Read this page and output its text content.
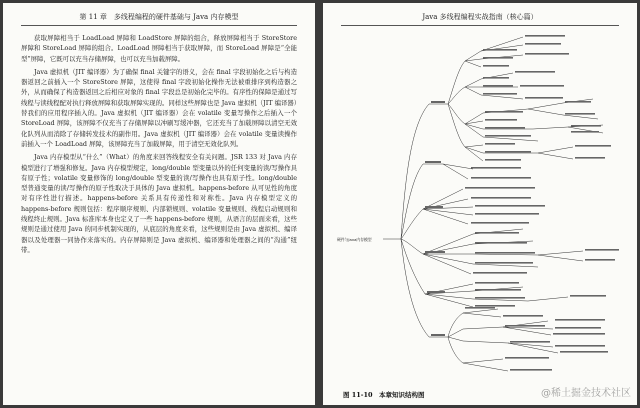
第 11 章　多线程编程的硬件基础与 Java 内存模型

获取屏障相当于 LoadLoad 屏障和 LoadStore 屏障的组合，释放屏障相当于 StoreStore 屏障和 StoreLoad 屏障的组合。LoadLoad 屏障相当于获取屏障，而 StoreLoad 屏障是“全能型”屏障，它既可以充当存储屏障，也可以充当加载屏障。

Java 虚拟机（JIT 编译器）为了确保 final 关键字的语义，会在 final 字段初始化之后与构造器返回之前插入一个 StoreStore 屏障，这使得 final 字段初始化操作无法被重排序到构造器之外，从而确保了构造器返回之后相应对象的 final 字段总是初始化完毕的。有序性的保障是通过写线程与读线程配对执行释放屏障和获取屏障实现的。同样这些屏障也是 Java 虚拟机（JIT 编译器）替我们的应用程序插入的。Java 虚拟机（JIT 编译器）会在 volatile 变量写操作之后插入一个 StoreLoad 屏障，该屏障不仅充当了存储屏障以冲刷写缓冲器，它还充当了加载屏障以清空无效化队列从而消除了存储转发技术的副作用。Java 虚拟机（JIT 编译器）会在 volatile 变量读操作前插入一个 LoadLoad 屏障，该屏障充当了加载屏障，用于清空无效化队列。

Java 内存模型从“什么”（What）的角度来回答线程安全有关问题。JSR 133 对 Java 内存模型进行了增强和修复。Java 内存模型规定，long/double 型变量以外的任何变量的读/写操作具有原子性；volatile 变量修饰的 long/double 型变量的读/写操作也具有原子性。long/double 型普通变量的读/写操作的原子性取决于具体的 Java 虚拟机。happens-before 从可见性的角度对有序性进行描述。happens-before 关系具有传递性和对称性。Java 内存模型定义的 happens-before 规则包括：程序顺序规则、内部锁规则、volatile 变量规则、线程启动规则和线程终止规则。Java 标准库本身也定义了一些 happens-before 规则，从语言的层面来看，这些规则是通过使用 Java 的同步机制实现的，从底层的角度来看，这些规则是由 Java 虚拟机、编译器以及处理器一同协作来落实的。内存屏障则是 Java 虚拟机、编译器和处理器之间的“沟通”纽带。

Java 多线程编程实战指南（核心篇）
硬件与Java内存模型
图 11-10　本章知识结构图	@稀土掘金技术社区
